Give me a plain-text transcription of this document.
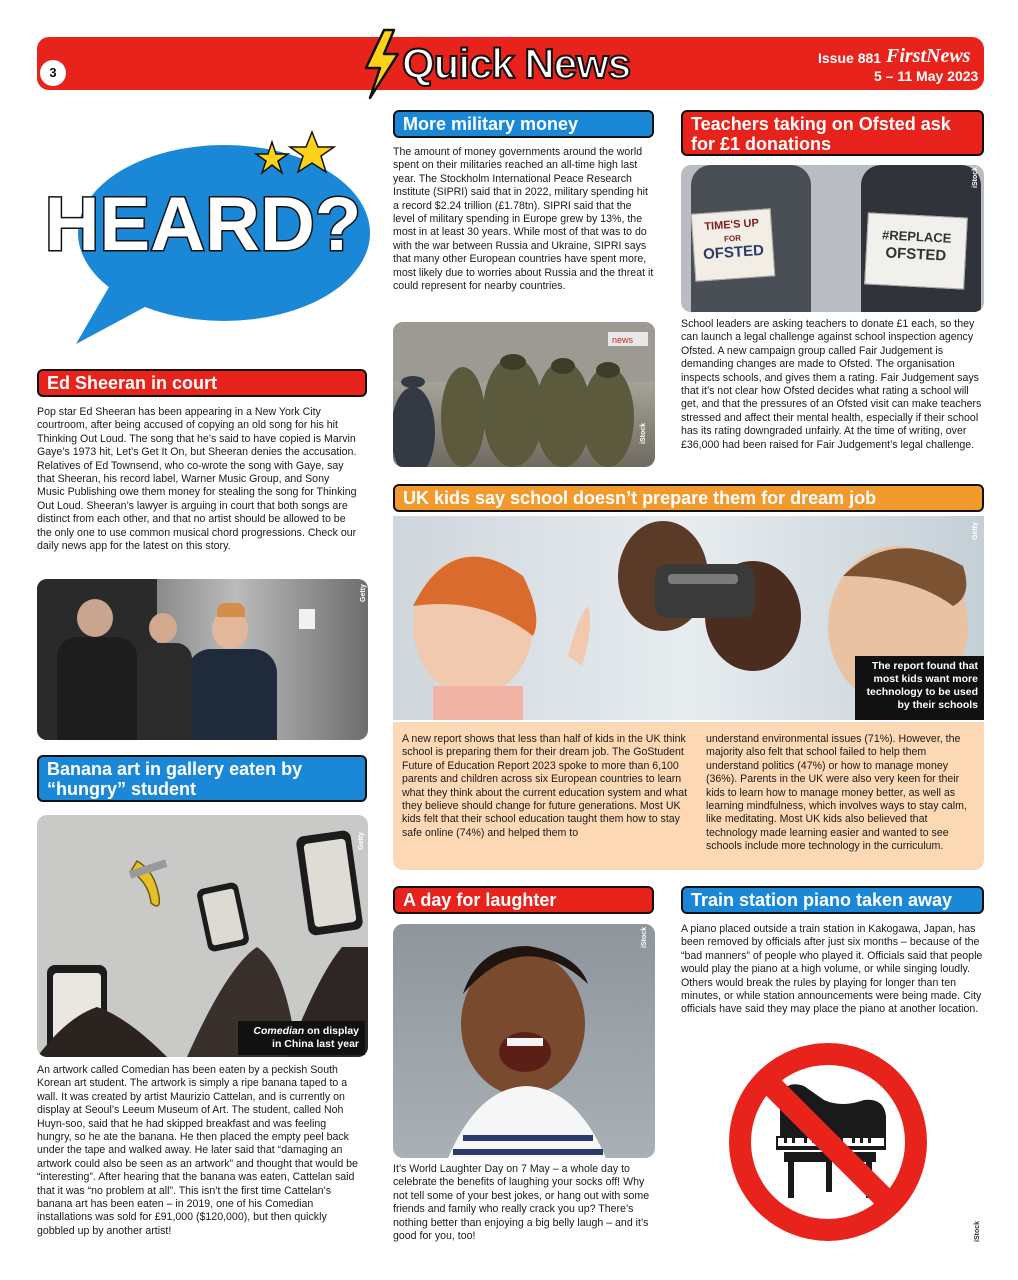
3	Quick News	Issue 881 FirstNews
5 – 11 May 2023
HEARD?
Ed Sheeran in court

Pop star Ed Sheeran has been appearing in a New York City courtroom, after being accused of copying an old song for his hit Thinking Out Loud. The song that he’s said to have copied is Marvin Gaye’s 1973 hit, Let’s Get It On, but Sheeran denies the accusation. Relatives of Ed Townsend, who co-wrote the song with Gaye, say that Sheeran, his record label, Warner Music Group, and Sony Music Publishing owe them money for stealing the song for Thinking Out Loud. Sheeran’s lawyer is arguing in court that both songs are distinct from each other, and that no artist should be allowed to be the only one to use common musical chord progressions. Check our daily news app for the latest on this story.

Getty
Banana art in gallery eaten by
“hungry” student
Getty
Comedian on display
in China last year

An artwork called Comedian has been eaten by a peckish South Korean art student. The artwork is simply a ripe banana taped to a wall. It was created by artist Maurizio Cattelan, and is currently on display at Seoul’s Leeum Museum of Art. The student, called Noh Huyn-soo, said that he had skipped breakfast and was feeling hungry, so he ate the banana. He then placed the empty peel back under the tape and walked away. He later said that “damaging an artwork could also be seen as an artwork” and thought that would be “interesting”. After hearing that the banana was eaten, Cattelan said that it was “no problem at all”. This isn’t the first time Cattelan’s banana art has been eaten – in 2019, one of his Comedian installations was sold for £91,000 ($120,000), but then quickly gobbled up by another artist!

More military money

The amount of money governments around the world spent on their militaries reached an all-time high last year. The Stockholm International Peace Research Institute (SIPRI) said that in 2022, military spending hit a record $2.24 trillion (£1.78tn). SIPRI said that the level of military spending in Europe grew by 13%, the most in at least 30 years. While most of that was to do with the war between Russia and Ukraine, SIPRI says that many other European countries have spent more, most likely due to worries about Russia and the threat it could represent for nearby countries.

news
iStock
Teachers taking on Ofsted ask
for £1 donations
TIME'S UP
FOR
OFSTED
#REPLACE
OFSTED
iStock

School leaders are asking teachers to donate £1 each, so they can launch a legal challenge against school inspection agency Ofsted. A new campaign group called Fair Judgement is demanding changes are made to Ofsted. The organisation inspects schools, and gives them a rating. Fair Judgement says that it’s not clear how Ofsted decides what rating a school will get, and that the pressures of an Ofsted visit can make teachers stressed and affect their mental health, especially if their school has its rating downgraded unfairly. At the time of writing, over £36,000 had been raised for Fair Judgement’s legal challenge.

UK kids say school doesn’t prepare them for dream job
Getty
The report found that
most kids want more
technology to be used
by their schools

A new report shows that less than half of kids in the UK think school is preparing them for their dream job. The GoStudent Future of Education Report 2023 spoke to more than 6,100 parents and children across six European countries to learn what they think about the current education system and what they believe should change for future generations. Most UK kids felt that their school education taught them how to stay safe online (74%) and helped them to

understand environmental issues (71%). However, the majority also felt that school failed to help them understand politics (47%) or how to manage money (36%). Parents in the UK were also very keen for their kids to learn how to manage money better, as well as learning mindfulness, which involves ways to stay calm, like meditating. Most UK kids also believed that technology made learning easier and wanted to see schools include more technology in the curriculum.

A day for laughter
iStock

It’s World Laughter Day on 7 May – a whole day to celebrate the benefits of laughing your socks off! Why not tell some of your best jokes, or hang out with some friends and family who really crack you up? There’s nothing better than enjoying a big belly laugh – and it’s good for you, too!

Train station piano taken away

A piano placed outside a train station in Kakogawa, Japan, has been removed by officials after just six months – because of the “bad manners” of people who played it. Officials said that people would play the piano at a high volume, or while singing loudly. Others would break the rules by playing for longer than ten minutes, or while station announcements were being made. City officials have said they may place the piano at another location.

iStock
